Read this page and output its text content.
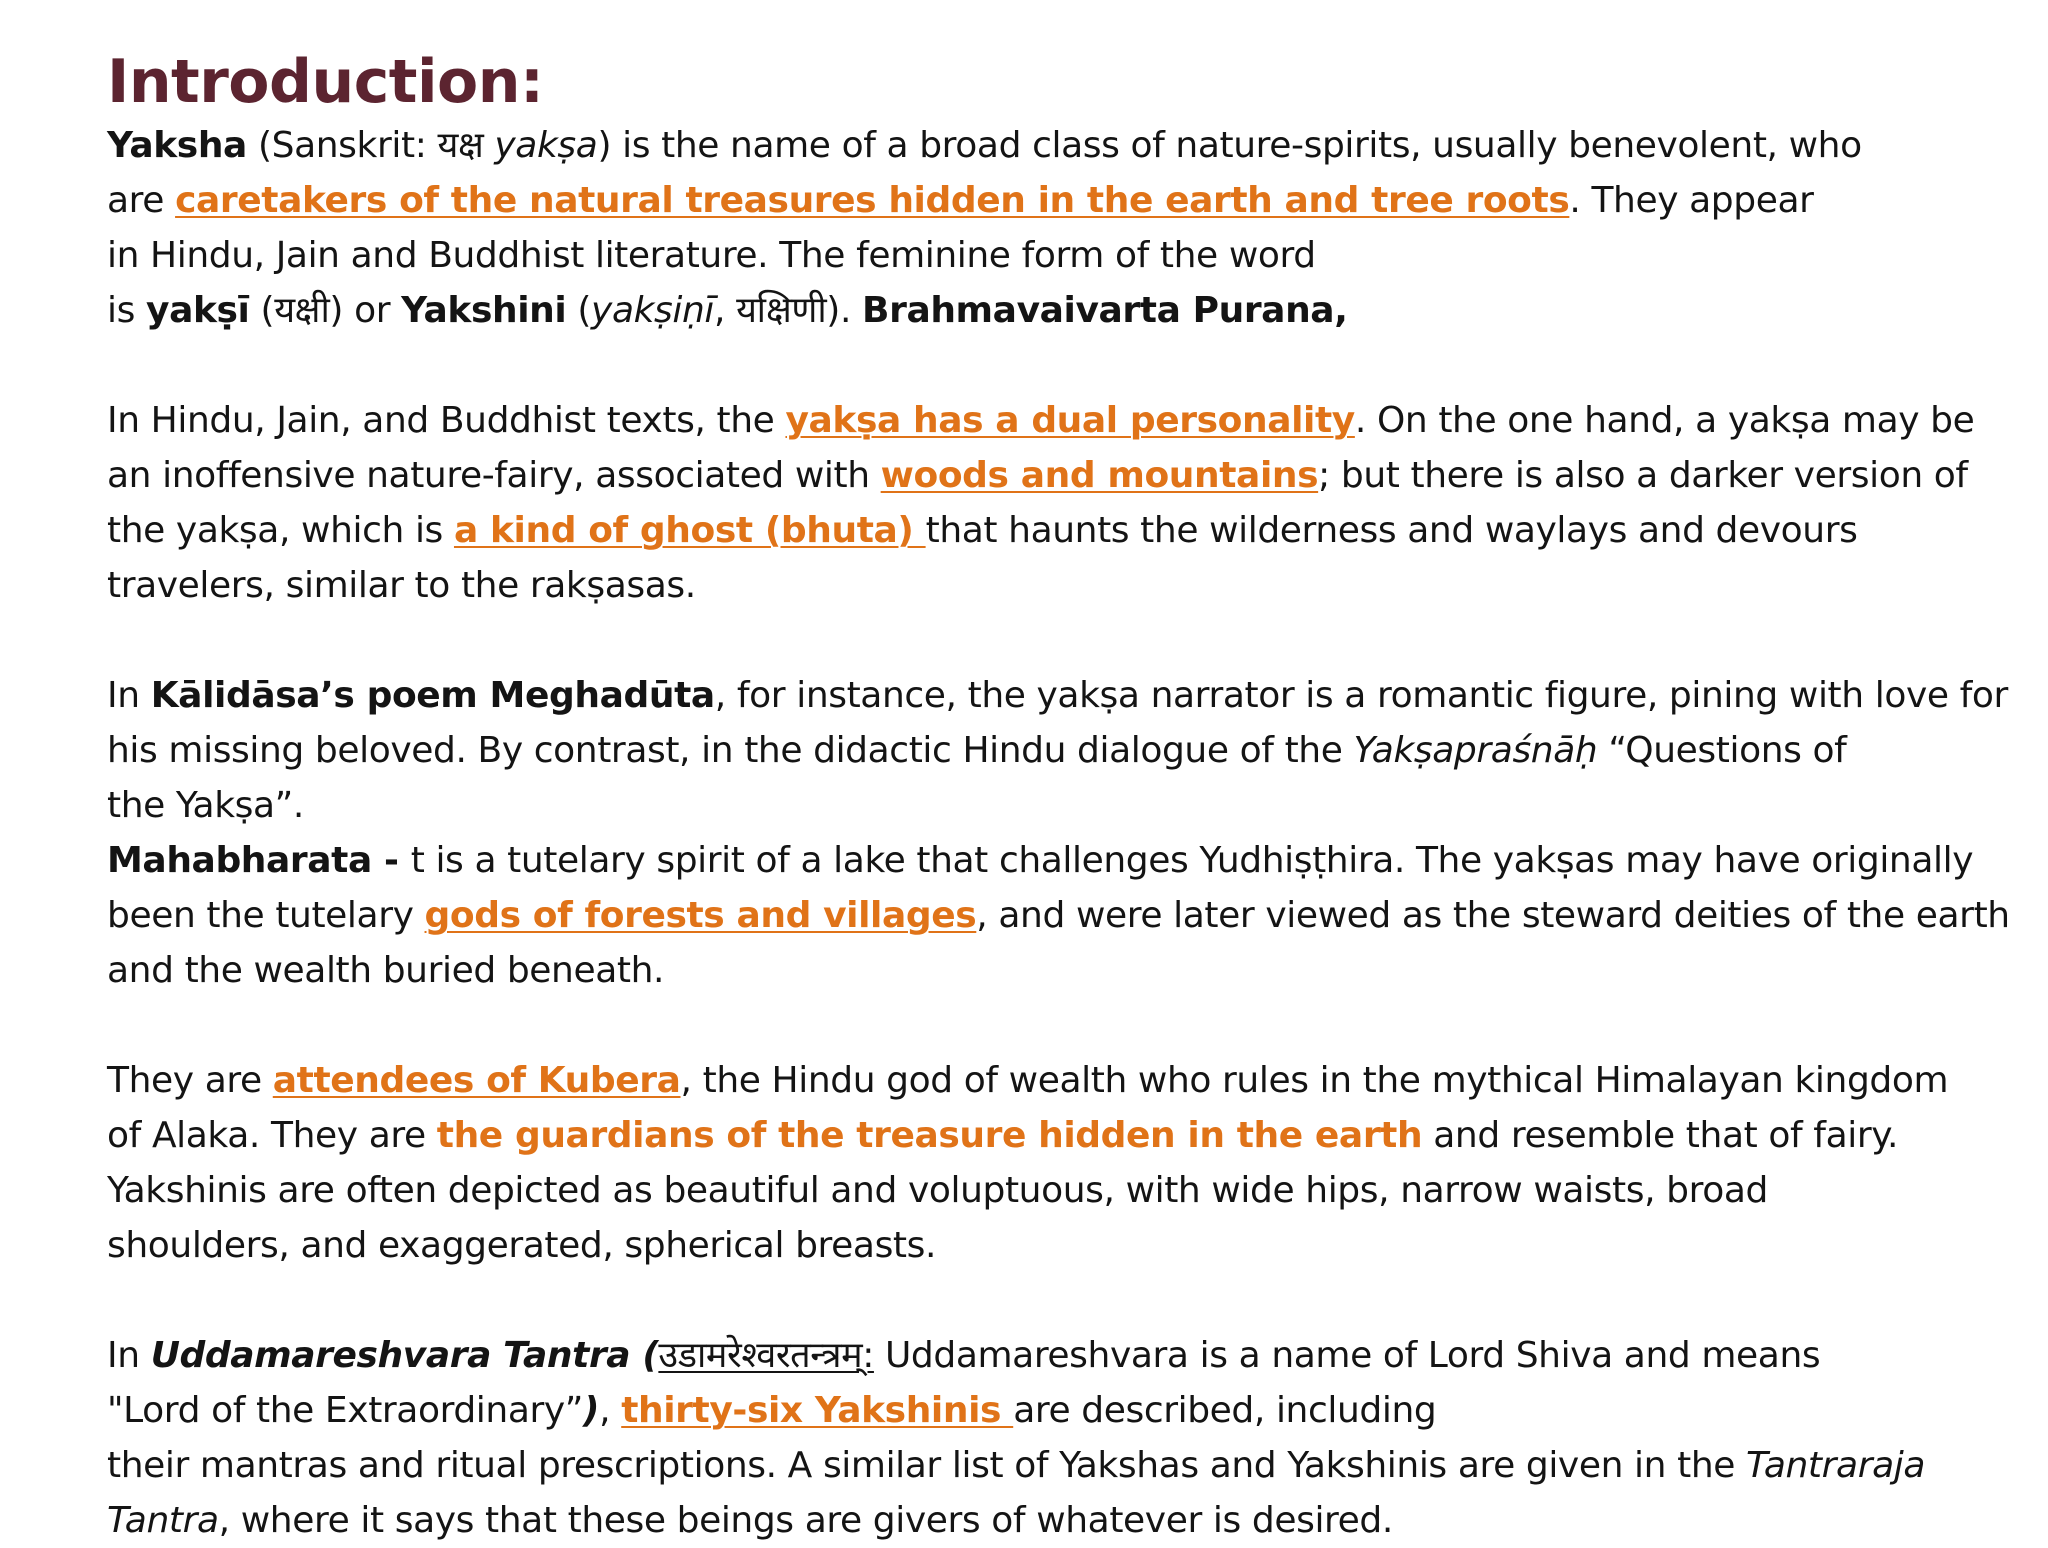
Introduction:

Yaksha (Sanskrit: यक्ष yakṣa) is the name of a broad class of nature-spirits, usually benevolent, who
are caretakers of the natural treasures hidden in the earth and tree roots. They appear
in Hindu, Jain and Buddhist literature. The feminine form of the word
is yakṣī (यक्षी) or Yakshini (yakṣiṇī, यक्षिणी). Brahmavaivarta Purana,

In Hindu, Jain, and Buddhist texts, the yakṣa has a dual personality. On the one hand, a yakṣa may be
an inoffensive nature-fairy, associated with woods and mountains; but there is also a darker version of
the yakṣa, which is a kind of ghost (bhuta) that haunts the wilderness and waylays and devours
travelers, similar to the rakṣasas.

In Kālidāsa’s poem Meghadūta, for instance, the yakṣa narrator is a romantic figure, pining with love for
his missing beloved. By contrast, in the didactic Hindu dialogue of the Yakṣapraśnāḥ “Questions of
the Yakṣa”.
Mahabharata - t is a tutelary spirit of a lake that challenges Yudhiṣṭhira. The yakṣas may have originally
been the tutelary gods of forests and villages, and were later viewed as the steward deities of the earth
and the wealth buried beneath.

They are attendees of Kubera, the Hindu god of wealth who rules in the mythical Himalayan kingdom
of Alaka. They are the guardians of the treasure hidden in the earth and resemble that of fairy.
Yakshinis are often depicted as beautiful and voluptuous, with wide hips, narrow waists, broad
shoulders, and exaggerated, spherical breasts.

In Uddamareshvara Tantra (उडामरेश्वरतन्त्रम्: Uddamareshvara is a name of Lord Shiva and means
"Lord of the Extraordinary”), thirty-six Yakshinis are described, including
their mantras and ritual prescriptions. A similar list of Yakshas and Yakshinis are given in the Tantraraja
Tantra, where it says that these beings are givers of whatever is desired.
